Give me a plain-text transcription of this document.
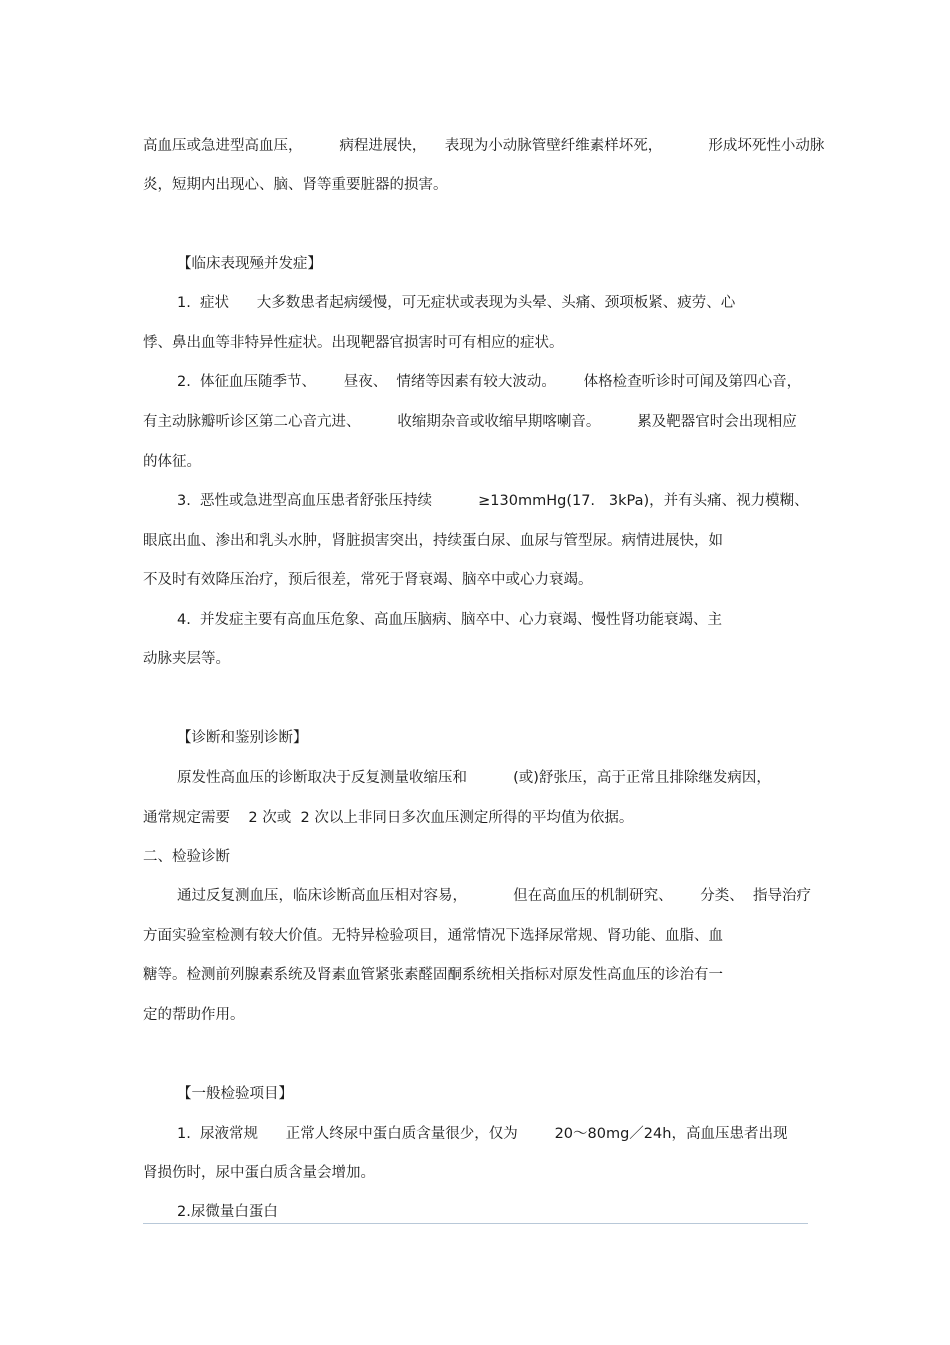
高血压或急进型高血压，        病程进展快，    表现为小动脉管壁纤维素样坏死，          形成坏死性小动脉
炎，短期内出现心、脑、肾等重要脏器的损害。
【临床表现殛并发症】
1.  症状      大多数患者起病缓慢，可无症状或表现为头晕、头痛、颈项板紧、疲劳、心
悸、鼻出血等非特异性症状。出现靶器官损害时可有相应的症状。
2.  体征血压随季节、      昼夜、  情绪等因素有较大波动。      体格检查听诊时可闻及第四心音，
有主动脉瓣听诊区第二心音亢进、        收缩期杂音或收缩早期喀喇音。        累及靶器官时会出现相应
的体征。
3.  恶性或急进型高血压患者舒张压持续          ≥130mmHg(17.   3kPa)，并有头痛、视力模糊、
眼底出血、渗出和乳头水肿，肾脏损害突出，持续蛋白尿、血尿与管型尿。病情进展快，如
不及时有效降压治疗，预后很差，常死于肾衰竭、脑卒中或心力衰竭。
4.  并发症主要有高血压危象、高血压脑病、脑卒中、心力衰竭、慢性肾功能衰竭、主
动脉夹层等。
【诊断和鉴别诊断】
原发性高血压的诊断取决于反复测量收缩压和          (或)舒张压，高于正常且排除继发病因，
通常规定需要    2 次或  2 次以上非同日多次血压测定所得的平均值为依据。
二、检验诊断
通过反复测血压，临床诊断高血压相对容易，          但在高血压的机制研究、      分类、  指导治疗
方面实验室检测有较大价值。无特异检验项目，通常情况下选择尿常规、肾功能、血脂、血
糖等。检测前列腺素系统及肾素血管紧张素醛固酮系统相关指标对原发性高血压的诊治有一
定的帮助作用。
【一般检验项目】
1.  尿液常规      正常人终尿中蛋白质含量很少，仅为        20～80mg／24h，高血压患者出现
肾损伤时，尿中蛋白质含量会增加。
2.尿微量白蛋白
